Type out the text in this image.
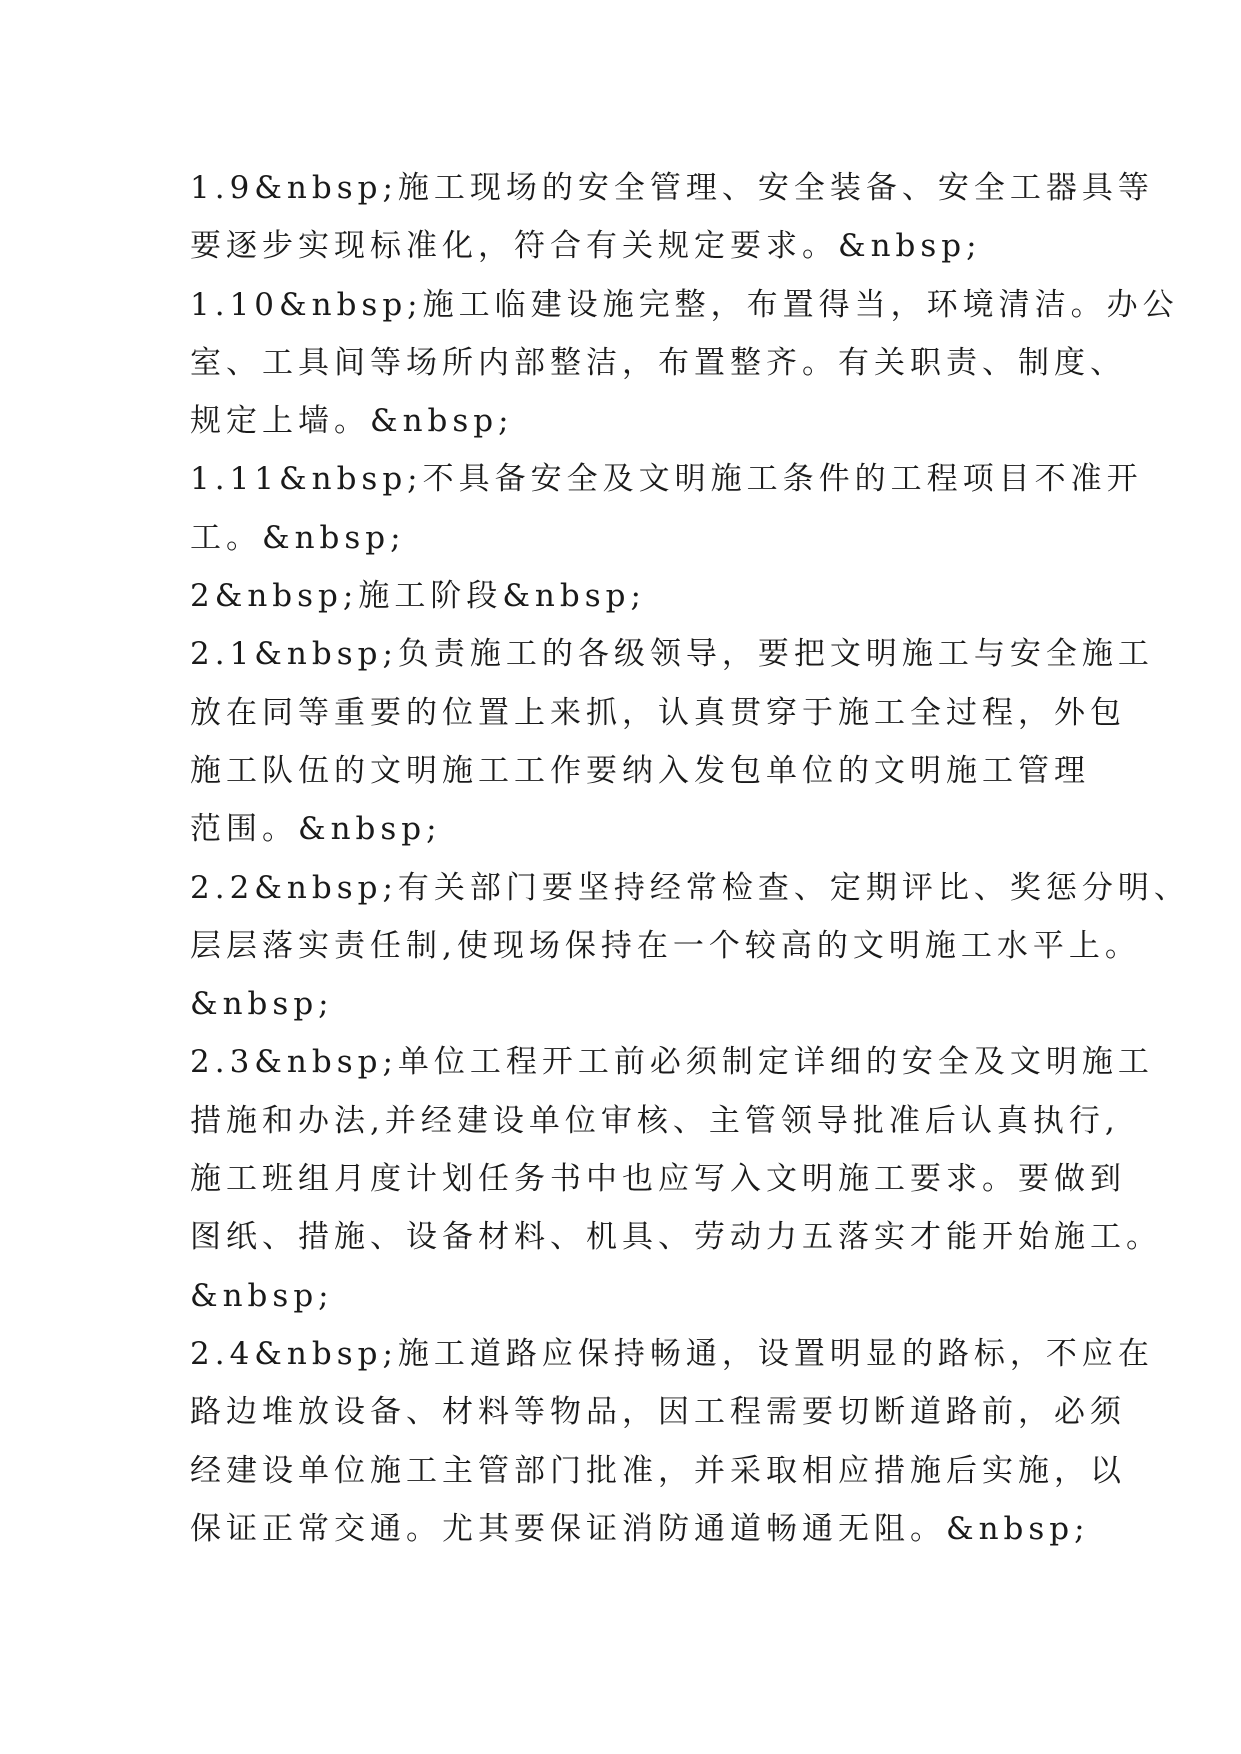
1.9&nbsp;施工现场的安全管理、安全装备、安全工器具等
要逐步实现标准化，符合有关规定要求。&nbsp;
1.10&nbsp;施工临建设施完整，布置得当，环境清洁。办公
室、工具间等场所内部整洁，布置整齐。有关职责、制度、
规定上墙。&nbsp;
1.11&nbsp;不具备安全及文明施工条件的工程项目不准开
工。&nbsp;
2&nbsp;施工阶段&nbsp;
2.1&nbsp;负责施工的各级领导，要把文明施工与安全施工
放在同等重要的位置上来抓，认真贯穿于施工全过程，外包
施工队伍的文明施工工作要纳入发包单位的文明施工管理
范围。&nbsp;
2.2&nbsp;有关部门要坚持经常检查、定期评比、奖惩分明、
层层落实责任制,使现场保持在一个较高的文明施工水平上。
&nbsp;
2.3&nbsp;单位工程开工前必须制定详细的安全及文明施工
措施和办法,并经建设单位审核、主管领导批准后认真执行,
施工班组月度计划任务书中也应写入文明施工要求。要做到
图纸、措施、设备材料、机具、劳动力五落实才能开始施工。
&nbsp;
2.4&nbsp;施工道路应保持畅通，设置明显的路标，不应在
路边堆放设备、材料等物品，因工程需要切断道路前，必须
经建设单位施工主管部门批准，并采取相应措施后实施，以
保证正常交通。尤其要保证消防通道畅通无阻。&nbsp;
